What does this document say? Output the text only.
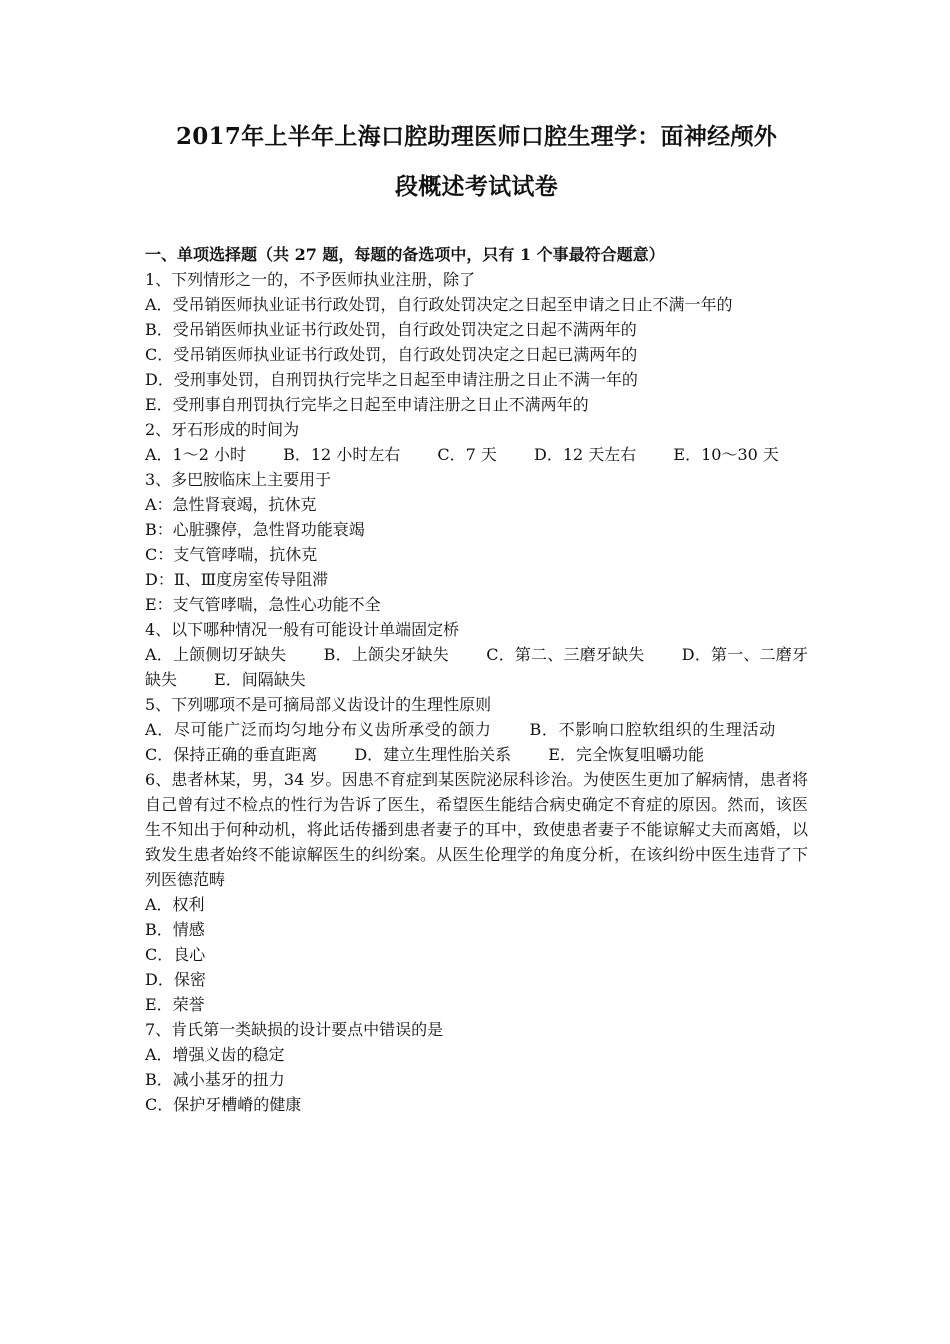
2017年上半年上海口腔助理医师口腔生理学：面神经颅外
段概述考试试卷
一、单项选择题（共 27 题，每题的备选项中，只有 1 个事最符合题意）
1、下列情形之一的，不予医师执业注册，除了
A．受吊销医师执业证书行政处罚，自行政处罚决定之日起至申请之日止不满一年的
B．受吊销医师执业证书行政处罚，自行政处罚决定之日起不满两年的
C．受吊销医师执业证书行政处罚，自行政处罚决定之日起已满两年的
D．受刑事处罚，自刑罚执行完毕之日起至申请注册之日止不满一年的
E．受刑事自刑罚执行完毕之日起至申请注册之日止不满两年的
2、牙石形成的时间为
A．1～2 小时   B．12 小时左右   C．7 天   D．12 天左右   E．10～30 天
3、多巴胺临床上主要用于
A：急性肾衰竭，抗休克
B：心脏骤停，急性肾功能衰竭
C：支气管哮喘，抗休克
D：Ⅱ、Ⅲ度房室传导阻滞
E：支气管哮喘，急性心功能不全
4、以下哪种情况一般有可能设计单端固定桥
A．上颌侧切牙缺失   B．上颌尖牙缺失   C．第二、三磨牙缺失   D．第一、二磨牙缺失   E．间隔缺失
5、下列哪项不是可摘局部义齿设计的生理性原则
A．尽可能广泛而均匀地分布义齿所承受的颌力   B．不影响口腔软组织的生理活动   C．保持正确的垂直距离   D．建立生理性胎关系   E．完全恢复咀嚼功能
6、患者林某，男，34 岁。因患不育症到某医院泌尿科诊治。为使医生更加了解病情，患者将自己曾有过不检点的性行为告诉了医生，希望医生能结合病史确定不育症的原因。然而，该医生不知出于何种动机，将此话传播到患者妻子的耳中，致使患者妻子不能谅解丈夫而离婚，以致发生患者始终不能谅解医生的纠纷案。从医生伦理学的角度分析，在该纠纷中医生违背了下列医德范畴
A．权利
B．情感
C．良心
D．保密
E．荣誉
7、肯氏第一类缺损的设计要点中错误的是
A．增强义齿的稳定
B．减小基牙的扭力
C．保护牙槽嵴的健康
